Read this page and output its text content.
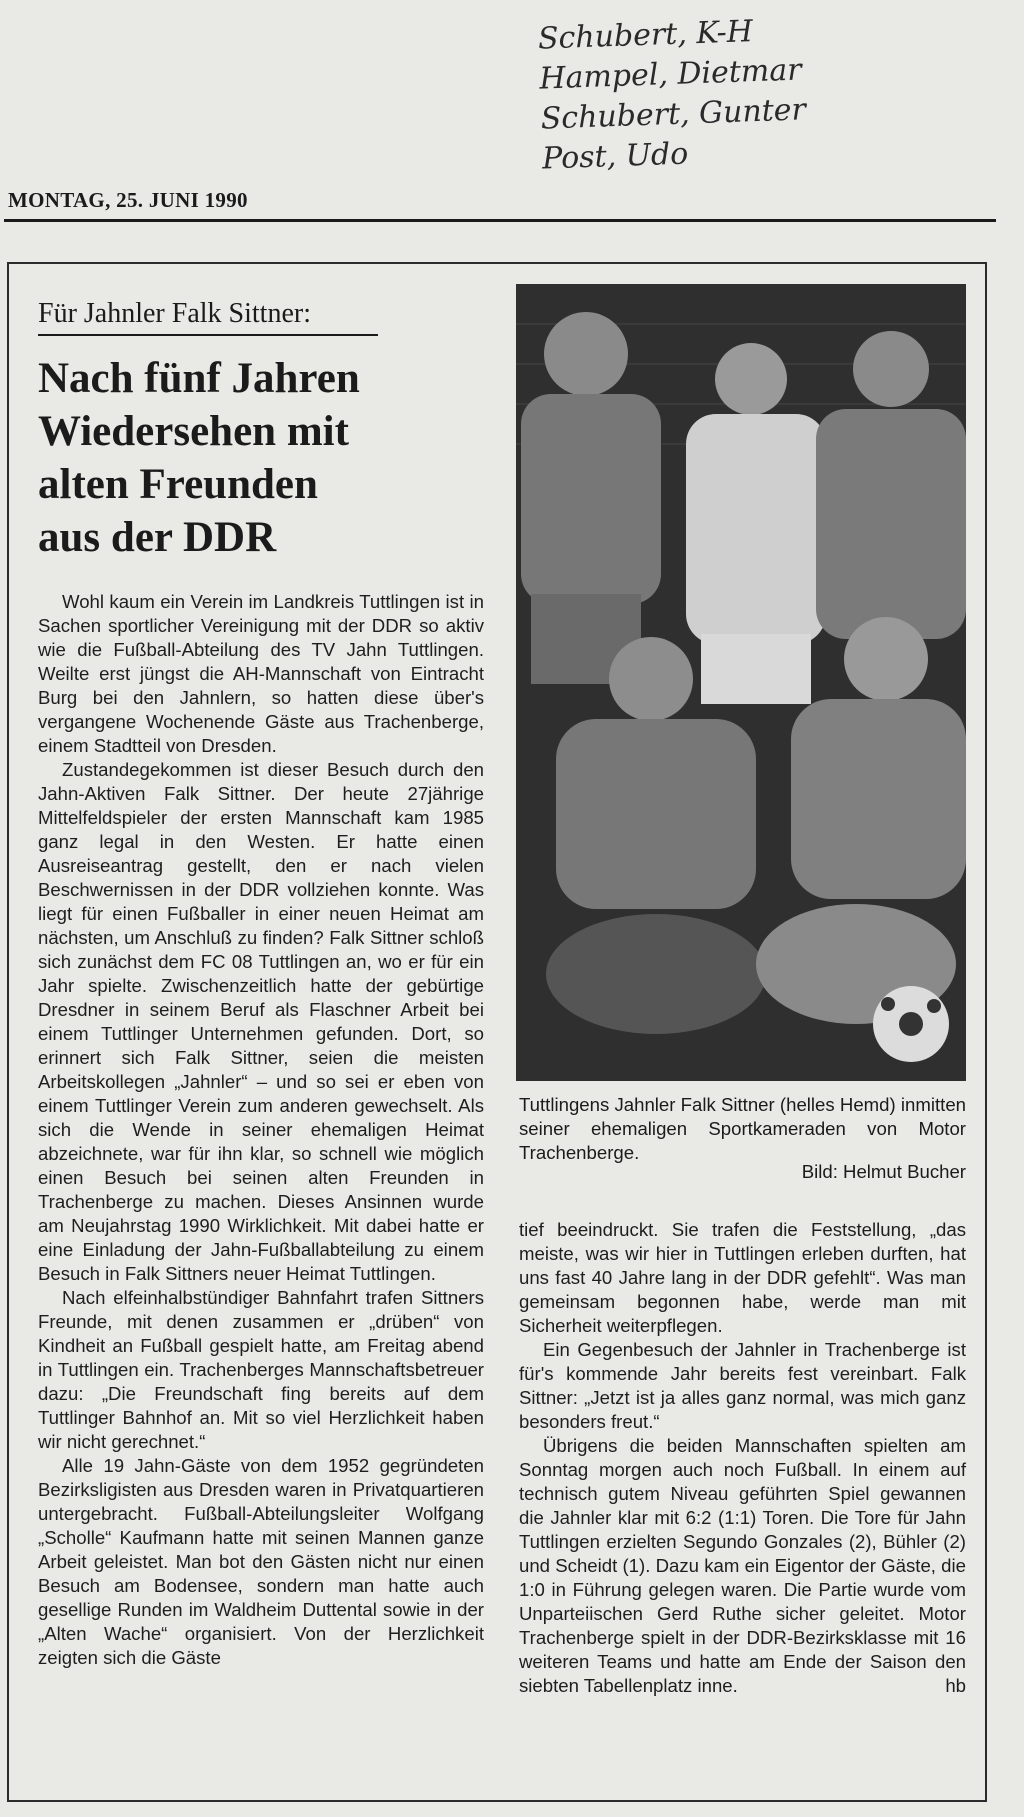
Schubert, K-H
Hampel, Dietmar
Schubert, Gunter
Post, Udo
MONTAG, 25. JUNI 1990
Für Jahnler Falk Sittner:
Nach fünf Jahren
Wiedersehen mit
alten Freunden
aus der DDR

Wohl kaum ein Verein im Landkreis Tuttlingen ist in Sachen sportlicher Vereinigung mit der DDR so aktiv wie die Fußball-Abteilung des TV Jahn Tuttlingen. Weilte erst jüngst die AH-Mannschaft von Eintracht Burg bei den Jahnlern, so hatten diese über's vergangene Wochenende Gäste aus Trachenberge, einem Stadtteil von Dresden.

Zustandegekommen ist dieser Besuch durch den Jahn-Aktiven Falk Sittner. Der heute 27jährige Mittelfeldspieler der ersten Mannschaft kam 1985 ganz legal in den Westen. Er hatte einen Ausreiseantrag gestellt, den er nach vielen Beschwernissen in der DDR vollziehen konnte. Was liegt für einen Fußballer in einer neuen Heimat am nächsten, um Anschluß zu finden? Falk Sittner schloß sich zunächst dem FC 08 Tuttlingen an, wo er für ein Jahr spielte. Zwischenzeitlich hatte der gebürtige Dresdner in seinem Beruf als Flaschner Arbeit bei einem Tuttlinger Unternehmen gefunden. Dort, so erinnert sich Falk Sittner, seien die meisten Arbeitskollegen „Jahnler“ – und so sei er eben von einem Tuttlinger Verein zum anderen gewechselt. Als sich die Wende in seiner ehemaligen Heimat abzeichnete, war für ihn klar, so schnell wie möglich einen Besuch bei seinen alten Freunden in Trachenberge zu machen. Dieses Ansinnen wurde am Neujahrstag 1990 Wirklichkeit. Mit dabei hatte er eine Einladung der Jahn-Fußballabteilung zu einem Besuch in Falk Sittners neuer Heimat Tuttlingen.

Nach elfeinhalbstündiger Bahnfahrt trafen Sittners Freunde, mit denen zusammen er „drüben“ von Kindheit an Fußball gespielt hatte, am Freitag abend in Tuttlingen ein. Trachenberges Mannschaftsbetreuer dazu: „Die Freundschaft fing bereits auf dem Tuttlinger Bahnhof an. Mit so viel Herzlichkeit haben wir nicht gerechnet.“

Alle 19 Jahn-Gäste von dem 1952 gegründeten Bezirksligisten aus Dresden waren in Privatquartieren untergebracht. Fußball-Abteilungsleiter Wolfgang „Scholle“ Kaufmann hatte mit seinen Mannen ganze Arbeit geleistet. Man bot den Gästen nicht nur einen Besuch am Bodensee, sondern man hatte auch gesellige Runden im Waldheim Duttental sowie in der „Alten Wache“ organisiert. Von der Herzlichkeit zeigten sich die Gäste

Tuttlingens Jahnler Falk Sittner (helles Hemd) inmitten seiner ehemaligen Sportkameraden von Motor Trachenberge.
Bild: Helmut Bucher

tief beeindruckt. Sie trafen die Feststellung, „das meiste, was wir hier in Tuttlingen erleben durften, hat uns fast 40 Jahre lang in der DDR gefehlt“. Was man gemeinsam begonnen habe, werde man mit Sicherheit weiterpflegen.

Ein Gegenbesuch der Jahnler in Trachenberge ist für's kommende Jahr bereits fest vereinbart. Falk Sittner: „Jetzt ist ja alles ganz normal, was mich ganz besonders freut.“

Übrigens die beiden Mannschaften spielten am Sonntag morgen auch noch Fußball. In einem auf technisch gutem Niveau geführten Spiel gewannen die Jahnler klar mit 6:2 (1:1) Toren. Die Tore für Jahn Tuttlingen erzielten Segundo Gonzales (2), Bühler (2) und Scheidt (1). Dazu kam ein Eigentor der Gäste, die 1:0 in Führung gelegen waren. Die Partie wurde vom Unparteiischen Gerd Ruthe sicher geleitet. Motor Trachenberge spielt in der DDR-Bezirksklasse mit 16 weiteren Teams und hatte am Ende der Saison den siebten Tabellenplatz inne.	hb
